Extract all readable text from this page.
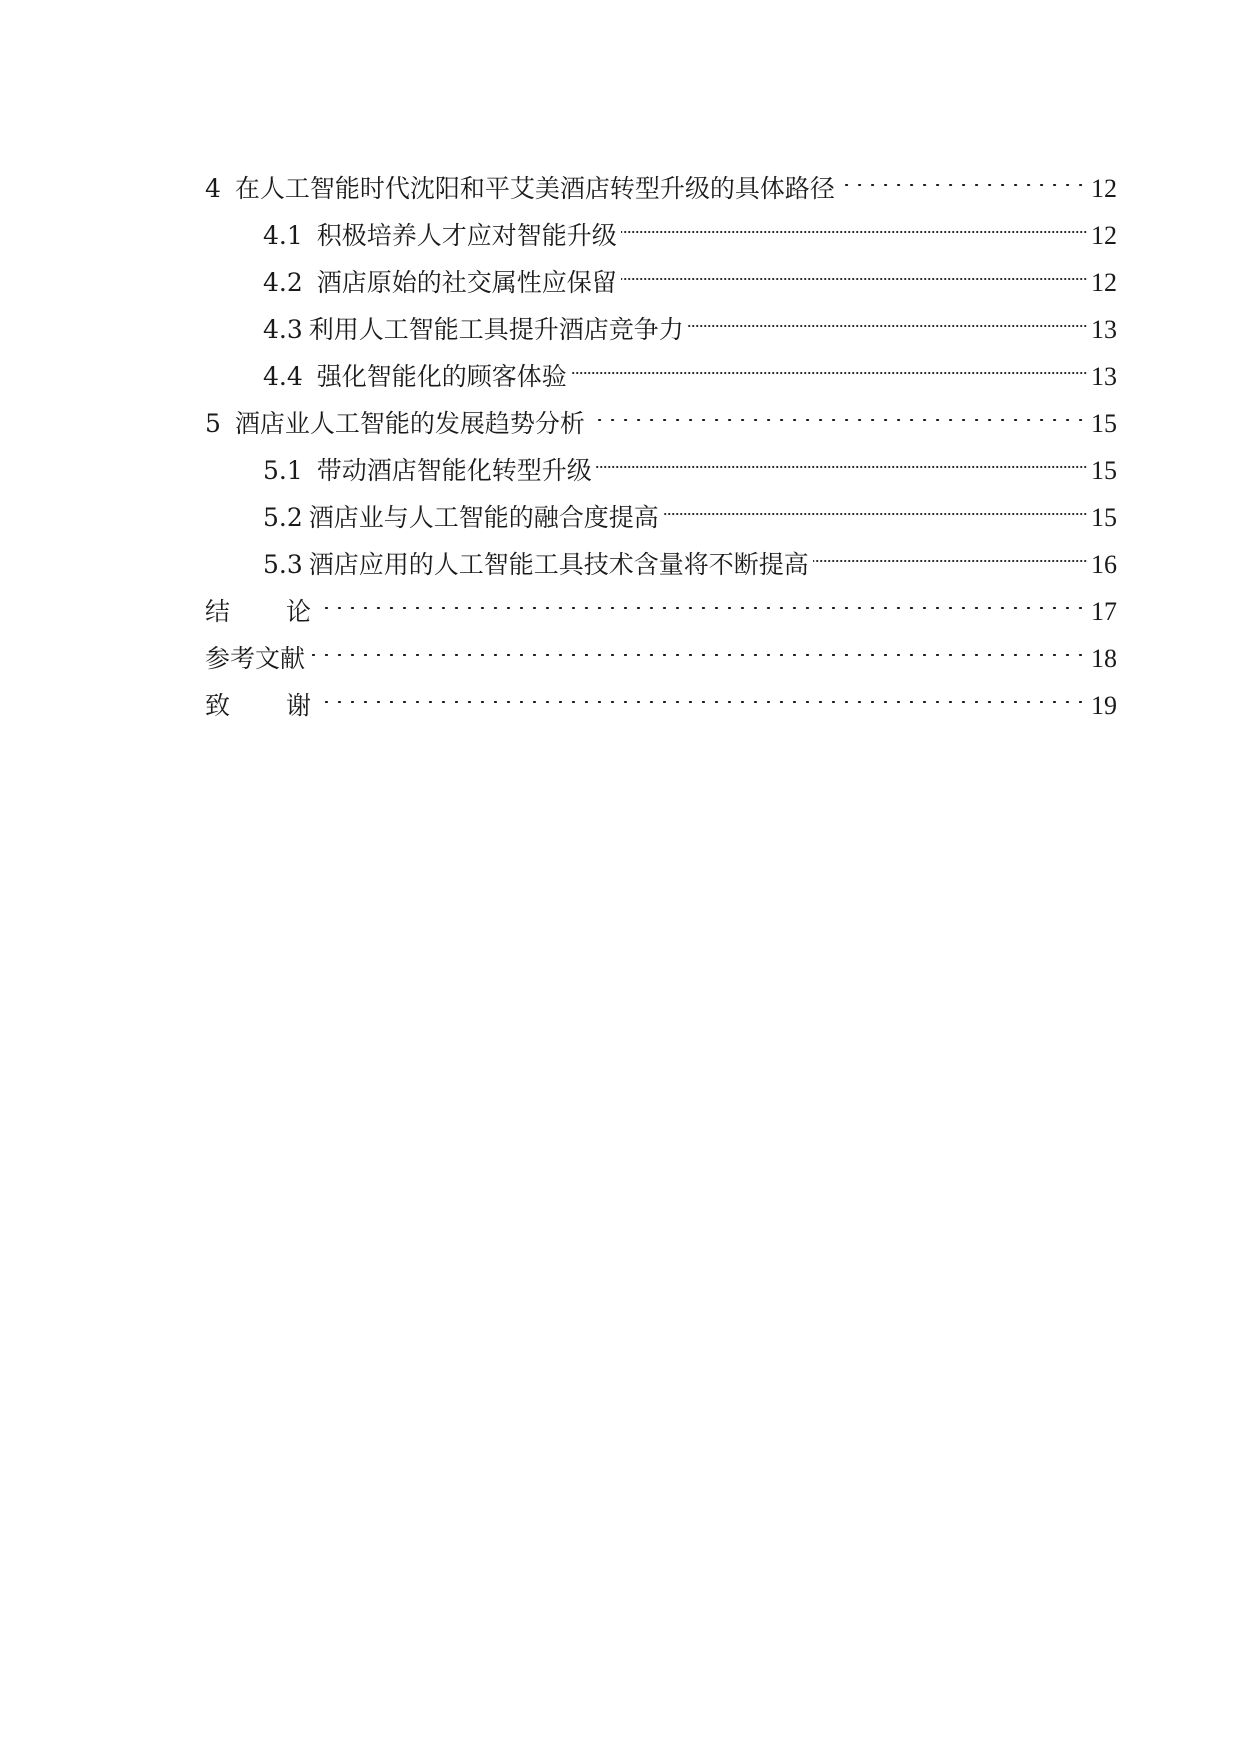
4 在人工智能时代沈阳和平艾美酒店转型升级的具体路径	12
4.1 积极培养人才应对智能升级	12
4.2 酒店原始的社交属性应保留	12
4.3 利用人工智能工具提升酒店竞争力	13
4.4 强化智能化的顾客体验	13
5 酒店业人工智能的发展趋势分析	15
5.1 带动酒店智能化转型升级	15
5.2 酒店业与人工智能的融合度提高	15
5.3 酒店应用的人工智能工具技术含量将不断提高	16
结 论	17
参考文献	18
致 谢	19
